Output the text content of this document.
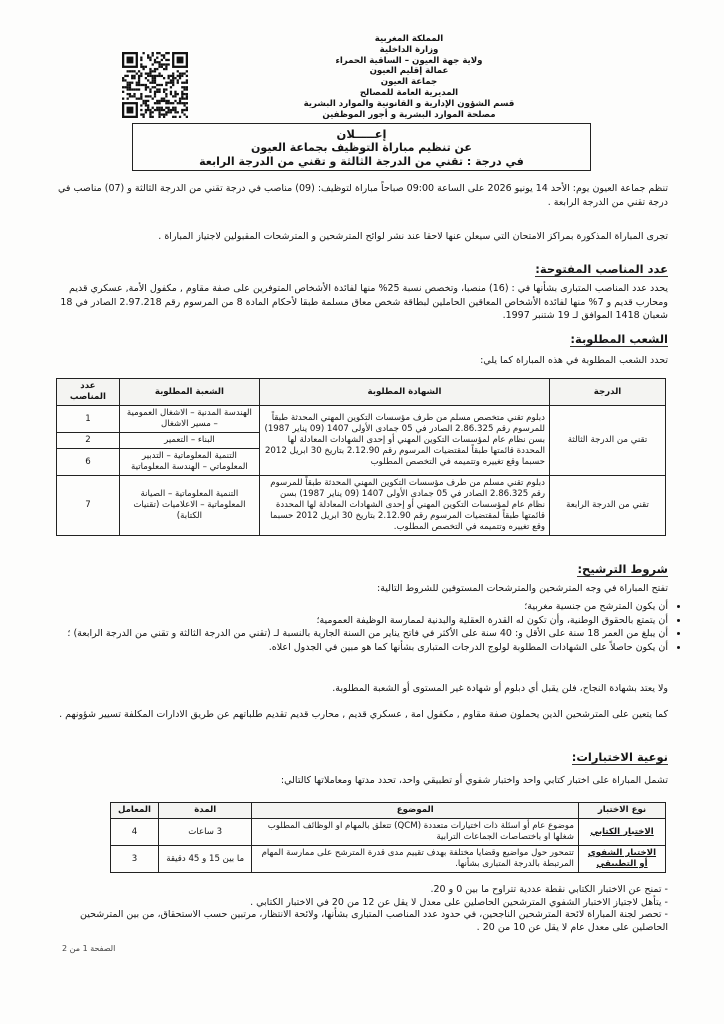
المملكة المغربية
وزارة الداخلية
ولاية جهة العيون – الساقية الحمراء
عمالة إقليم العيون
جماعة العيون
المديرية العامة للمصالح
قسم الشؤون الإدارية و القانونية والموارد البشرية
مصلحة الموارد البشرية و أجور الموظفين
إعـــــلان
عن تنظيم مباراة التوظيف بجماعة العيون
في درجة : تقني من الدرجة الثالثة و تقني من الدرجة الرابعة
تنظم جماعة العيون يوم: الأحد 14 يونيو 2026 على الساعة 09:00 صباحاً مباراة لتوظيف: (09) مناصب في درجة تقني من الدرجة الثالثة و (07) مناصب في درجة تقني من الدرجة الرابعة .
تجرى المباراة المذكورة بمراكز الامتحان التي سيعلن عنها لاحقا عند نشر لوائح المترشحين و المترشحات المقبولين لاجتياز المباراة .
عدد المناصب المفتوحة:
يحدد عدد المناصب المتبارى بشأنها في : (16) منصبا، وتخصص نسبة 25% منها لفائدة الأشخاص المتوفرين على صفة مقاوم , مكفول الأمة, عسكري قديم ومحارب قديم و 7% منها لفائدة الأشخاص المعاقين الحاملين لبطاقة شخص معاق مسلمة طبقا لأحكام المادة 8 من المرسوم رقم 2.97.218 الصادر في 18 شعبان 1418 الموافق لـ 19 شتنبر 1997.
الشعب المطلوبة:
تحدد الشعب المطلوبة في هذه المباراة كما يلي:
الدرجة	الشهادة المطلوبة	الشعبة المطلوبة	عدد المناصب
تقني من الدرجة الثالثة	دبلوم تقني متخصص مسلم من طرف مؤسسات التكوين المهني المحدثة طبقاً للمرسوم رقم 2.86.325 الصادر في 05 جمادى الأولى 1407 (09 يناير 1987) بسن نظام عام لمؤسسات التكوين المهني أو إحدى الشهادات المعادلة لها المحددة قائمتها طبقاً لمقتضيات المرسوم رقم 2.12.90 بتاريخ 30 ابريل 2012 حسبما وقع تغييره وتتميمه في التخصص المطلوب	الهندسة المدنية – الاشغال العمومية – مسير الاشغال	1
		البناء – التعمير	2
		التنمية المعلوماتية – التدبير المعلوماتي – الهندسة المعلوماتية	6
تقني من الدرجة الرابعة	دبلوم تقني مسلم من طرف مؤسسات التكوين المهني المحدثة طبقاً للمرسوم رقم 2.86.325 الصادر في 05 جمادى الأولى 1407 (09 يناير 1987) بسن نظام عام لمؤسسات التكوين المهني أو إحدى الشهادات المعادلة لها المحددة قائمتها طبقاً لمقتضيات المرسوم رقم 2.12.90 بتاريخ 30 ابريل 2012 حسبما وقع تغييره وتتميمه في التخصص المطلوب.	التنمية المعلوماتية – الصيانة المعلوماتية – الاعلاميات (تقنيات الكتابة)	7
شروط الترشيح:
تفتح المباراة في وجه المترشحين والمترشحات المستوفين للشروط التالية:
• أن يكون المترشح من جنسية مغربية؛
• أن يتمتع بالحقوق الوطنية، وأن تكون له القدرة العقلية والبدنية لممارسة الوظيفة العمومية؛
• أن يبلغ من العمر 18 سنة على الأقل و: 40 سنة على الأكثر في فاتح يناير من السنة الجارية بالنسبة لـ (تقني من الدرجة الثالثة و تقني من الدرجة الرابعة) ؛
• أن يكون حاصلاً على الشهادات المطلوبة لولوج الدرجات المتبارى بشأنها كما هو مبين في الجدول اعلاه.
ولا يعتد بشهادة النجاح، فلن يقبل أي دبلوم أو شهادة غير المستوى أو الشعبة المطلوبة.
كما يتعين على المترشحين الدين يحملون صفة مقاوم , مكفول امة , عسكري قديم , محارب قديم تقديم طلباتهم عن طريق الادارات المكلفة تسيير شؤونهم .
نوعية الاختبارات:
تشمل المباراة على اختبار كتابي واحد واختبار شفوي أو تطبيقي واحد، تحدد مدتها ومعاملاتها كالتالي:
نوع الاختبار	الموضوع	المدة	المعامل
الاختبار الكتابي	موضوع عام أو اسئلة ذات اختيارات متعددة (QCM) تتعلق بالمهام او الوظائف المطلوب شغلها او باختصاصات الجماعات الترابية	3 ساعات	4
الاختبار الشفوي أو التطبيقي	تتمحور حول مواضيع وقضايا مختلفة بهدف تقييم مدى قدرة المترشح على ممارسة المهام المرتبطة بالدرجة المتبارى بشأنها.	ما بين 15 و 45 دقيقة	3
- تمنح عن الاختبار الكتابي نقطة عددية تتراوح ما بين 0 و 20.
- يتأهل لاجتياز الاختبار الشفوي المترشحين الحاصلين على معدل لا يقل عن 12 من 20 في الاختبار الكتابي .
- تحصر لجنة المباراة لائحة المترشحين الناجحين، في حدود عدد المناصب المتبارى بشأنها، ولائحة الانتظار، مرتبين حسب الاستحقاق، من بين المترشحين الحاصلين على معدل عام لا يقل عن 10 من 20 .
الصفحة 1 من 2
